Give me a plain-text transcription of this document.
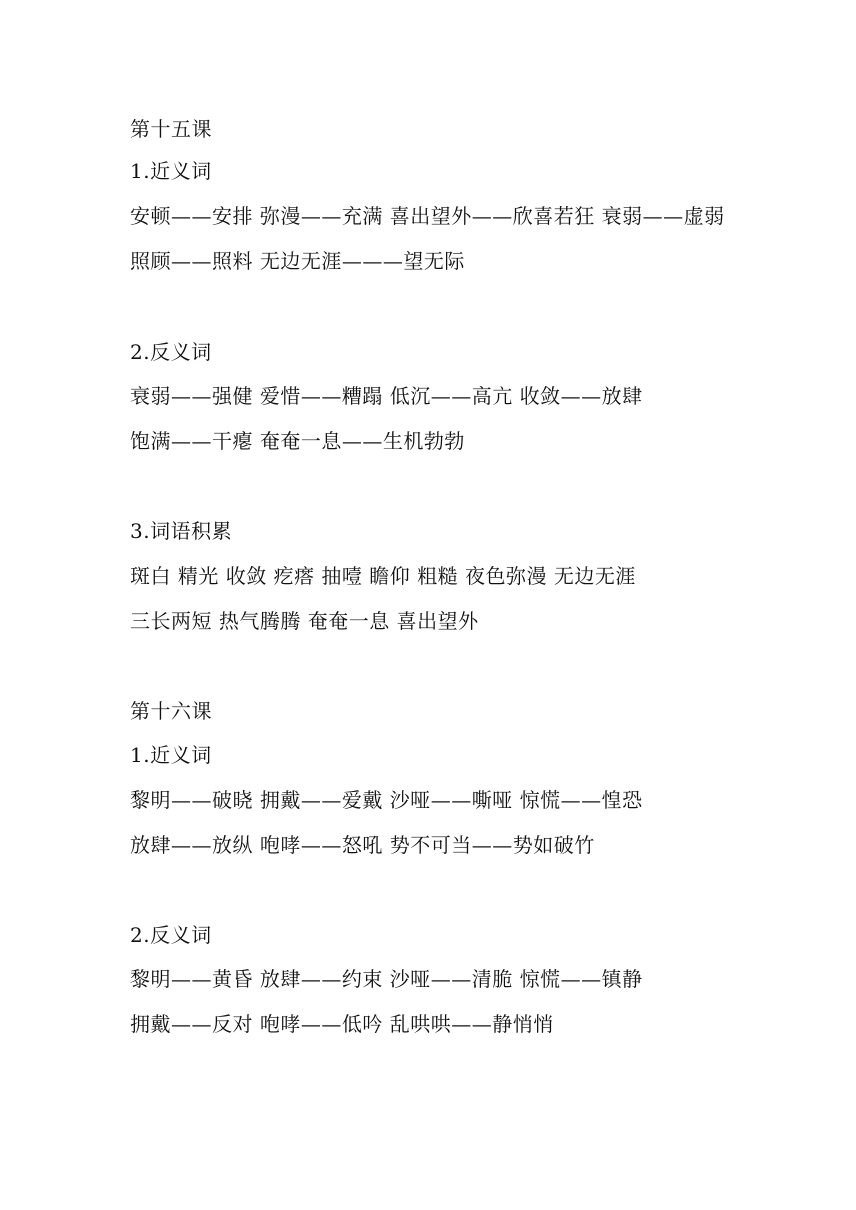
第十五课
1.近义词
安顿——安排 弥漫——充满 喜出望外——欣喜若狂 衰弱——虚弱
照顾——照料 无边无涯———望无际
2.反义词
衰弱——强健 爱惜——糟蹋 低沉——高亢 收敛——放肆
饱满——干瘪 奄奄一息——生机勃勃
3.词语积累
斑白 精光 收敛 疙瘩 抽噎 瞻仰 粗糙 夜色弥漫 无边无涯
三长两短 热气腾腾 奄奄一息 喜出望外
第十六课
1.近义词
黎明——破晓 拥戴——爱戴 沙哑——嘶哑 惊慌——惶恐
放肆——放纵 咆哮——怒吼 势不可当——势如破竹
2.反义词
黎明——黄昏 放肆——约束 沙哑——清脆 惊慌——镇静
拥戴——反对 咆哮——低吟 乱哄哄——静悄悄
